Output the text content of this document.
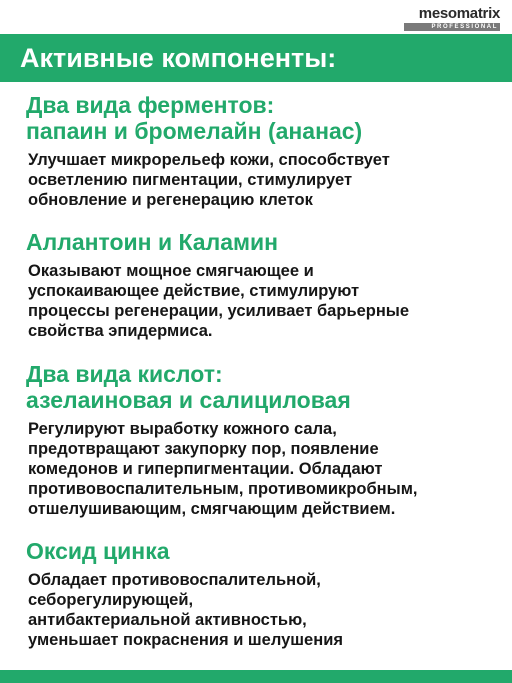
mesomatrix
PROFESSIONAL
Активные компоненты:
Два вида ферментов:
папаин и бромелайн (ананас)
Улучшает микрорельеф кожи, способствует
осветлению пигментации, стимулирует
обновление и регенерацию клеток
Аллантоин и Каламин
Оказывают мощное смягчающее и
успокаивающее действие, стимулируют
процессы регенерации, усиливает барьерные
свойства эпидермиса.
Два вида кислот:
азелаиновая и салициловая
Регулируют выработку кожного сала,
предотвращают закупорку пор, появление
комедонов и гиперпигментации. Обладают
противовоспалительным, противомикробным,
отшелушивающим, смягчающим действием.
Оксид цинка
Обладает противовоспалительной,
себорегулирующей,
антибактериальной активностью,
уменьшает покраснения и шелушения
